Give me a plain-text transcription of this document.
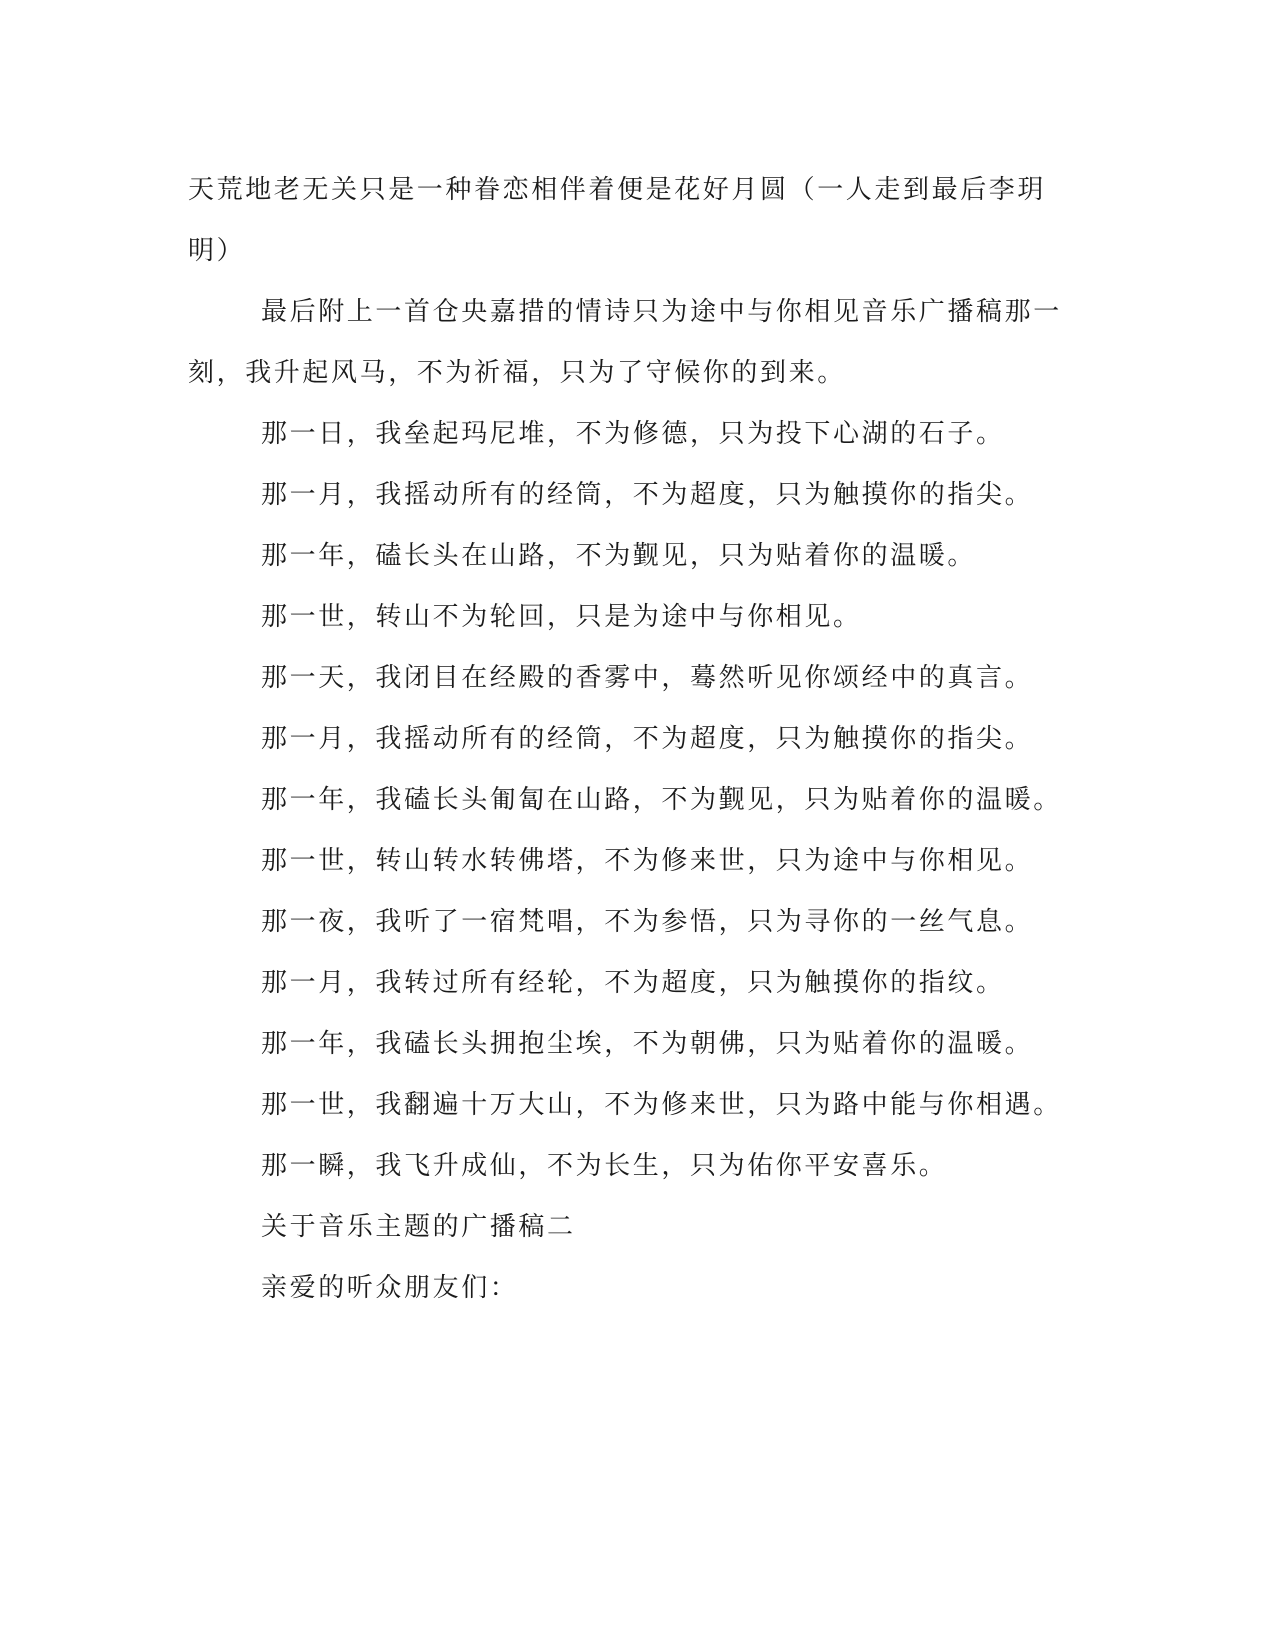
天荒地老无关只是一种眷恋相伴着便是花好月圆（一人走到最后李玥明）

最后附上一首仓央嘉措的情诗只为途中与你相见音乐广播稿那一刻，我升起风马，不为祈福，只为了守候你的到来。

那一日，我垒起玛尼堆，不为修德，只为投下心湖的石子。

那一月，我摇动所有的经筒，不为超度，只为触摸你的指尖。

那一年，磕长头在山路，不为觐见，只为贴着你的温暖。

那一世，转山不为轮回，只是为途中与你相见。

那一天，我闭目在经殿的香雾中，蓦然听见你颂经中的真言。

那一月，我摇动所有的经筒，不为超度，只为触摸你的指尖。

那一年，我磕长头匍匐在山路，不为觐见，只为贴着你的温暖。

那一世，转山转水转佛塔，不为修来世，只为途中与你相见。

那一夜，我听了一宿梵唱，不为参悟，只为寻你的一丝气息。

那一月，我转过所有经轮，不为超度，只为触摸你的指纹。

那一年，我磕长头拥抱尘埃，不为朝佛，只为贴着你的温暖。

那一世，我翻遍十万大山，不为修来世，只为路中能与你相遇。

那一瞬，我飞升成仙，不为长生，只为佑你平安喜乐。

关于音乐主题的广播稿二

亲爱的听众朋友们：
